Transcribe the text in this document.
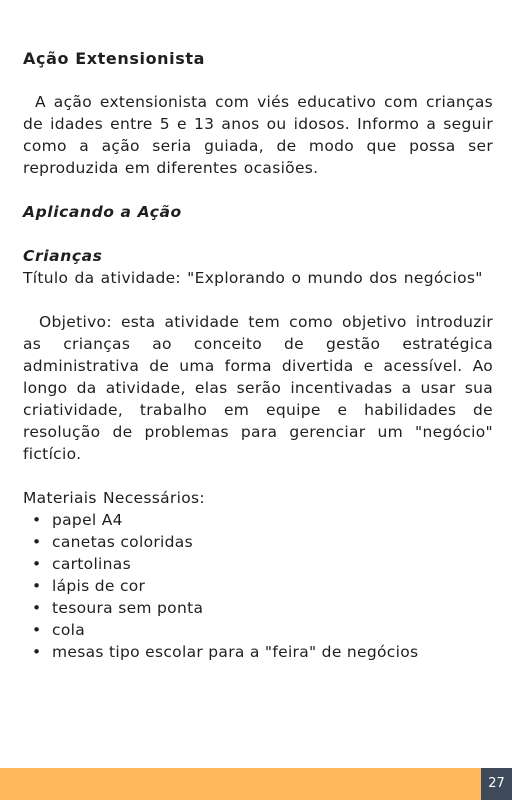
Ação Extensionista

A ação extensionista com viés educativo com crianças de idades entre 5 e 13 anos ou idosos. Informo a seguir como a ação seria guiada, de modo que possa ser reproduzida em diferentes ocasiões.

Aplicando a Ação

Crianças

Título da atividade: "Explorando o mundo dos negócios"

Objetivo: esta atividade tem como objetivo introduzir as crianças ao conceito de gestão estratégica administrativa de uma forma divertida e acessível. Ao longo da atividade, elas serão incentivadas a usar sua criatividade, trabalho em equipe e habilidades de resolução de problemas para gerenciar um "negócio" fictício.

Materiais Necessários:

• papel A4
• canetas coloridas
• cartolinas
• lápis de cor
• tesoura sem ponta
• cola
• mesas tipo escolar para a "feira" de negócios
27
